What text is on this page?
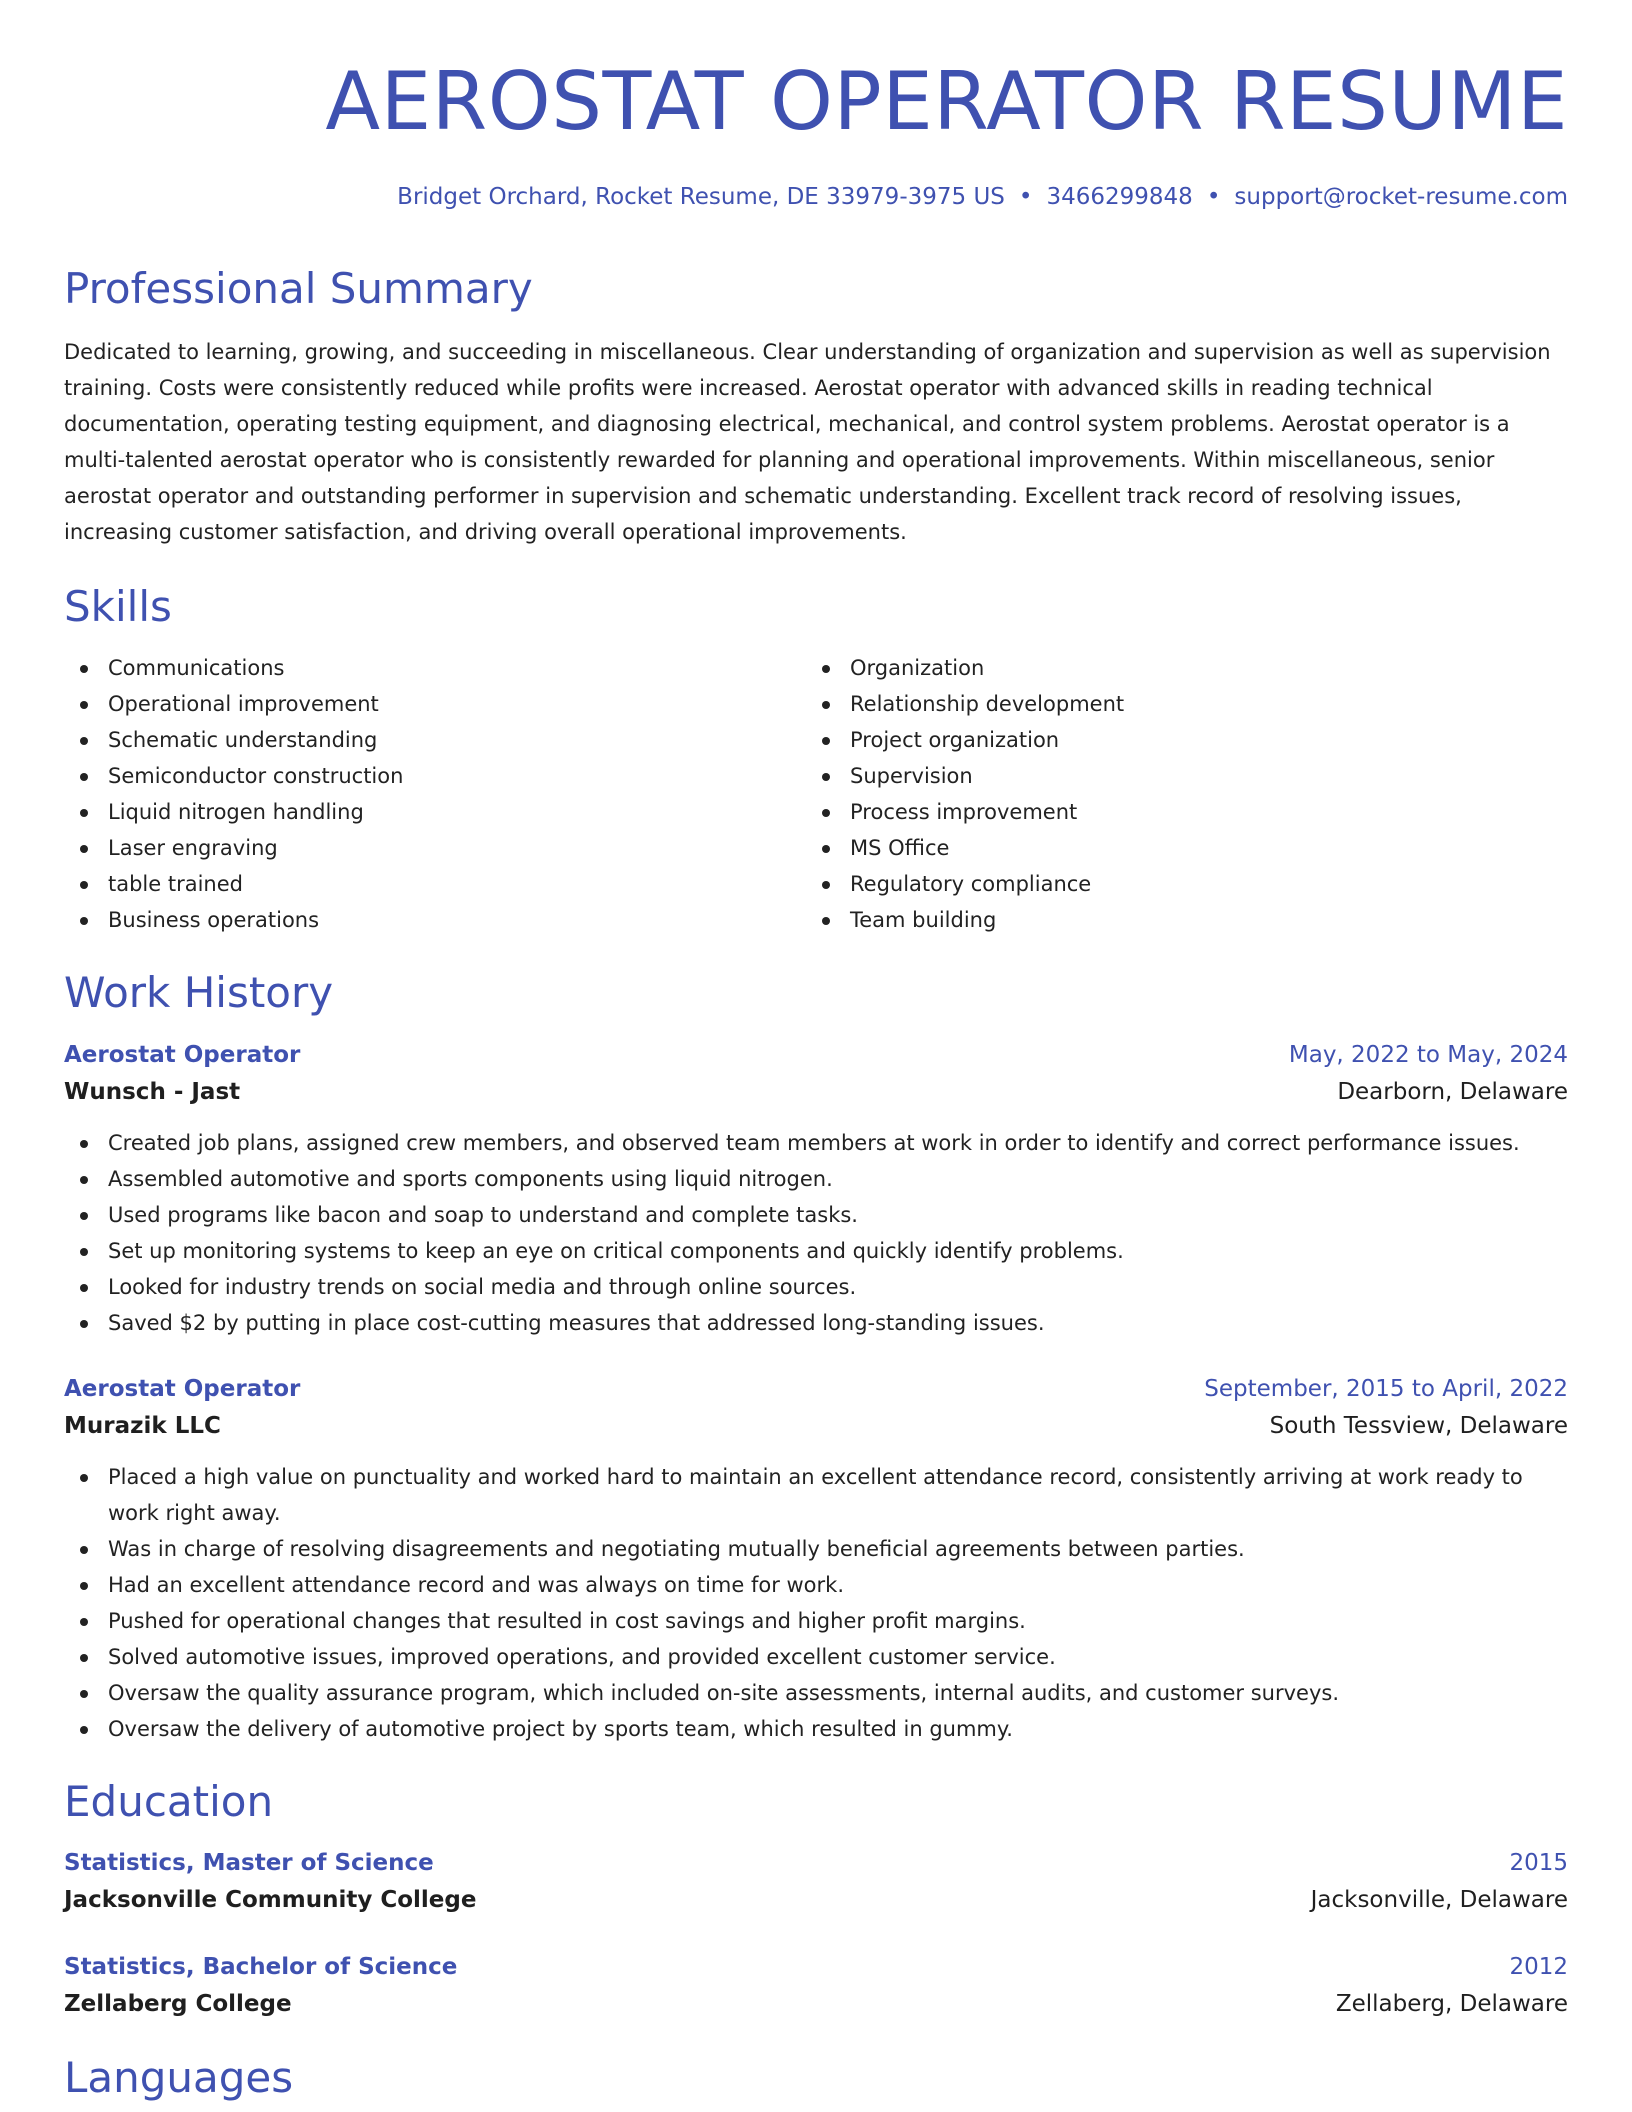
AEROSTAT OPERATOR RESUME
Bridget Orchard, Rocket Resume, DE 33979-3975 US • 3466299848 • support@rocket-resume.com
Professional Summary

Dedicated to learning, growing, and succeeding in miscellaneous. Clear understanding of organization and supervision as well as supervision training. Costs were consistently reduced while profits were increased. Aerostat operator with advanced skills in reading technical documentation, operating testing equipment, and diagnosing electrical, mechanical, and control system problems. Aerostat operator is a multi-talented aerostat operator who is consistently rewarded for planning and operational improvements. Within miscellaneous, senior aerostat operator and outstanding performer in supervision and schematic understanding. Excellent track record of resolving issues, increasing customer satisfaction, and driving overall operational improvements.

Skills
Communications
Operational improvement
Schematic understanding
Semiconductor construction
Liquid nitrogen handling
Laser engraving
table trained
Business operations
Organization
Relationship development
Project organization
Supervision
Process improvement
MS Office
Regulatory compliance
Team building
Work History
Aerostat Operator	May, 2022 to May, 2024
Wunsch - Jast	Dearborn, Delaware
Created job plans, assigned crew members, and observed team members at work in order to identify and correct performance issues.
Assembled automotive and sports components using liquid nitrogen.
Used programs like bacon and soap to understand and complete tasks.
Set up monitoring systems to keep an eye on critical components and quickly identify problems.
Looked for industry trends on social media and through online sources.
Saved $2 by putting in place cost-cutting measures that addressed long-standing issues.
Aerostat Operator	September, 2015 to April, 2022
Murazik LLC	South Tessview, Delaware
Placed a high value on punctuality and worked hard to maintain an excellent attendance record, consistently arriving at work ready to work right away.
Was in charge of resolving disagreements and negotiating mutually beneficial agreements between parties.
Had an excellent attendance record and was always on time for work.
Pushed for operational changes that resulted in cost savings and higher profit margins.
Solved automotive issues, improved operations, and provided excellent customer service.
Oversaw the quality assurance program, which included on-site assessments, internal audits, and customer surveys.
Oversaw the delivery of automotive project by sports team, which resulted in gummy.
Education
Statistics, Master of Science	2015
Jacksonville Community College	Jacksonville, Delaware
Statistics, Bachelor of Science	2012
Zellaberg College	Zellaberg, Delaware
Languages
